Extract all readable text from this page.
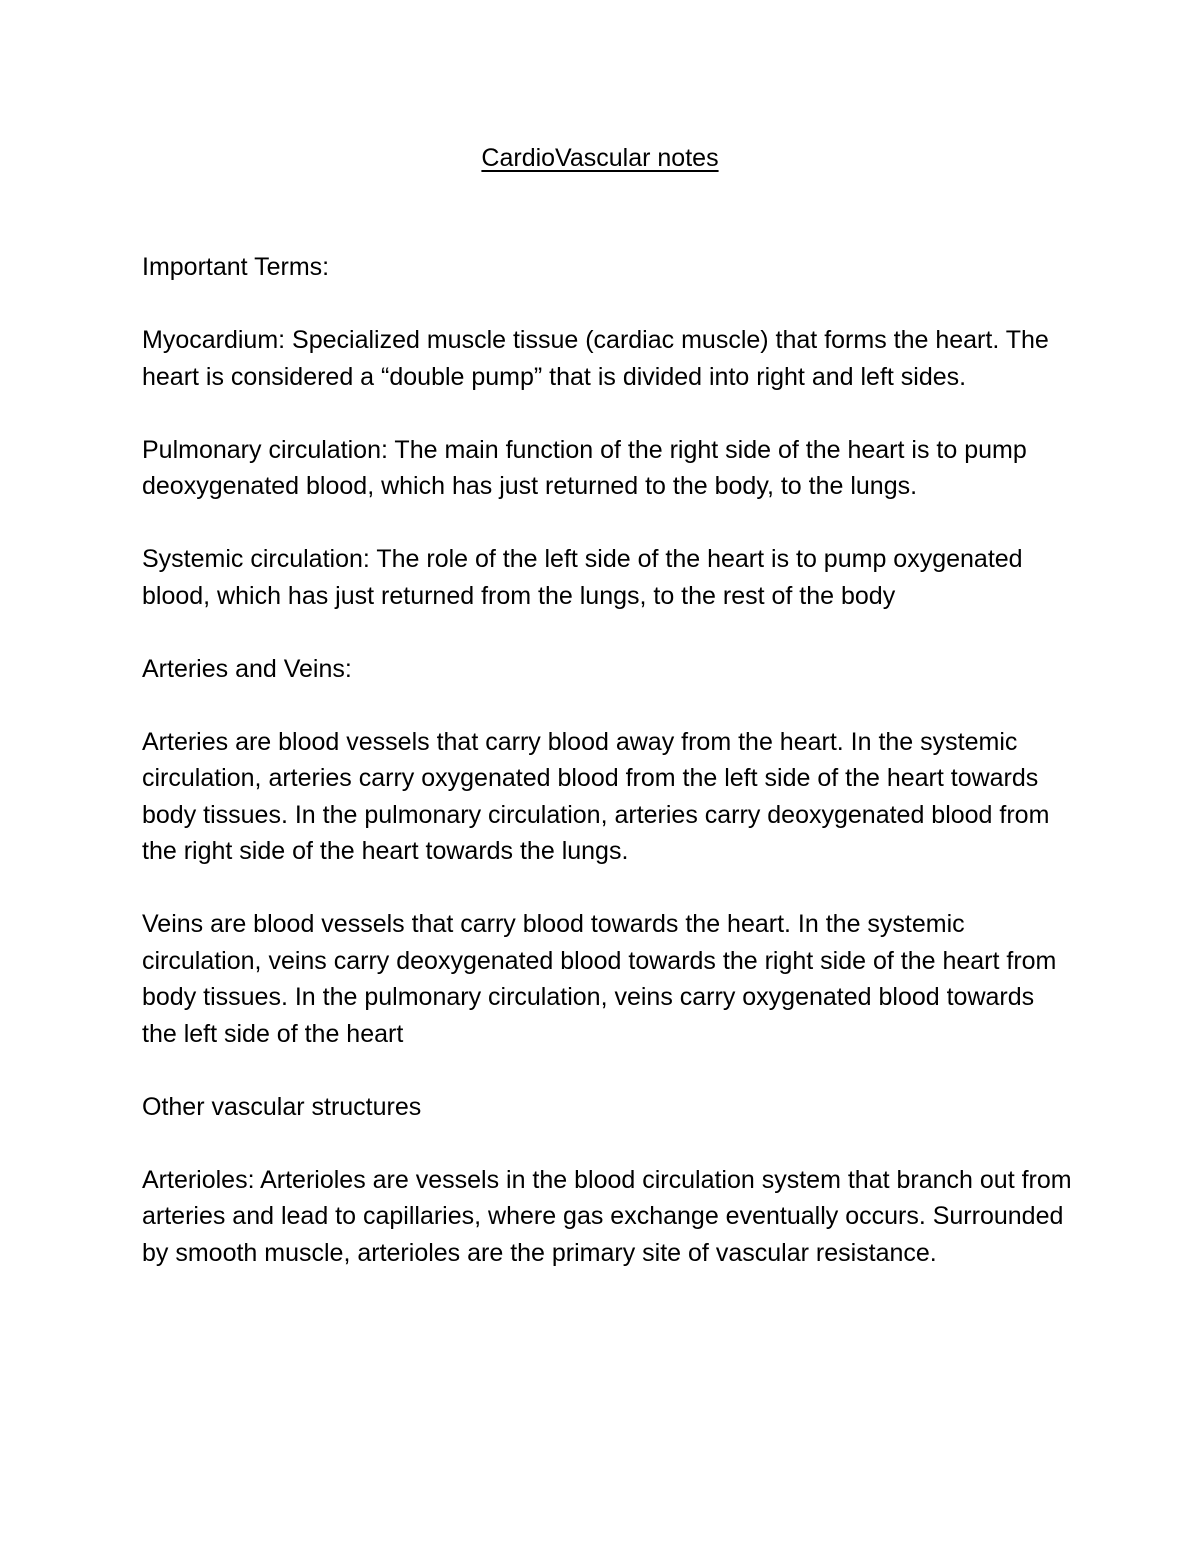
CardioVascular notes

Important Terms:

Myocardium: Specialized muscle tissue (cardiac muscle) that forms the heart. The heart is considered a “double pump” that is divided into right and left sides.

Pulmonary circulation: The main function of the right side of the heart is to pump deoxygenated blood, which has just returned to the body, to the lungs.

Systemic circulation: The role of the left side of the heart is to pump oxygenated blood, which has just returned from the lungs, to the rest of the body

Arteries and Veins:

Arteries are blood vessels that carry blood away from the heart. In the systemic circulation, arteries carry oxygenated blood from the left side of the heart towards body tissues. In the pulmonary circulation, arteries carry deoxygenated blood from the right side of the heart towards the lungs.

Veins are blood vessels that carry blood towards the heart. In the systemic circulation, veins carry deoxygenated blood towards the right side of the heart from body tissues. In the pulmonary circulation, veins carry oxygenated blood towards the left side of the heart

Other vascular structures

Arterioles: Arterioles are vessels in the blood circulation system that branch out from arteries and lead to capillaries, where gas exchange eventually occurs. Surrounded by smooth muscle, arterioles are the primary site of vascular resistance.
